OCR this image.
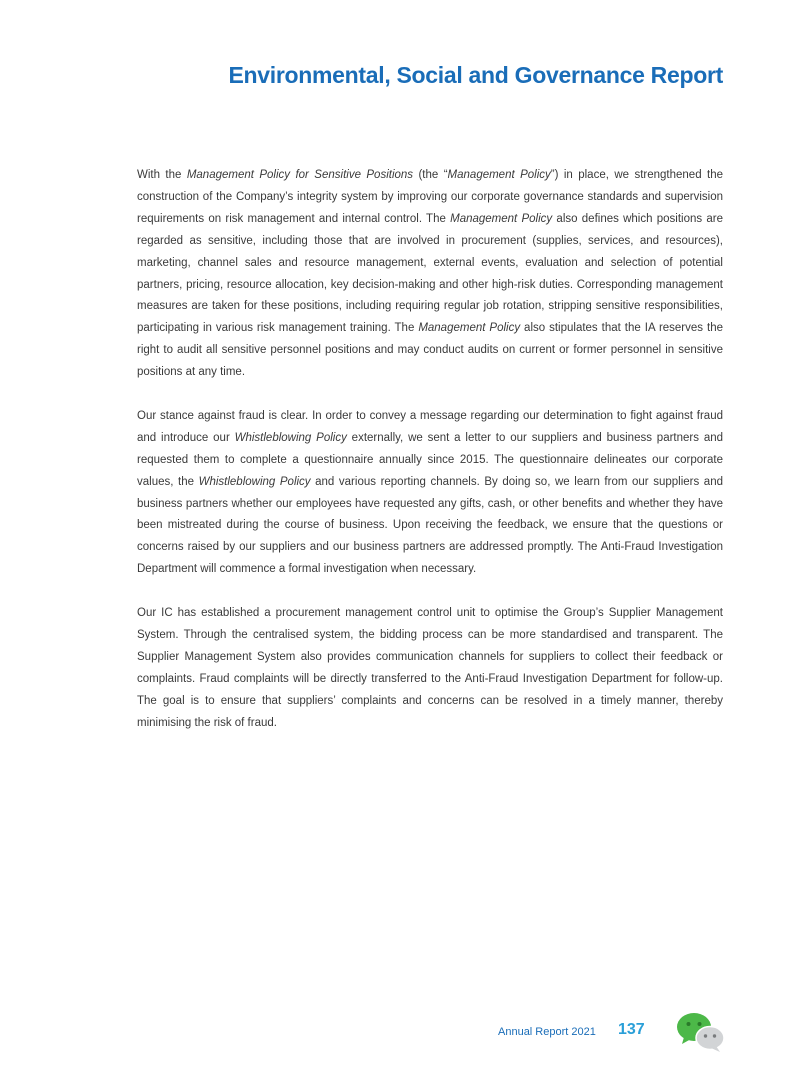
Environmental, Social and Governance Report

With the Management Policy for Sensitive Positions (the “Management Policy”) in place, we strengthened the construction of the Company’s integrity system by improving our corporate governance standards and supervision requirements on risk management and internal control. The Management Policy also defines which positions are regarded as sensitive, including those that are involved in procurement (supplies, services, and resources), marketing, channel sales and resource management, external events, evaluation and selection of potential partners, pricing, resource allocation, key decision-making and other high-risk duties. Corresponding management measures are taken for these positions, including requiring regular job rotation, stripping sensitive responsibilities, participating in various risk management training. The Management Policy also stipulates that the IA reserves the right to audit all sensitive personnel positions and may conduct audits on current or former personnel in sensitive positions at any time.

Our stance against fraud is clear. In order to convey a message regarding our determination to fight against fraud and introduce our Whistleblowing Policy externally, we sent a letter to our suppliers and business partners and requested them to complete a questionnaire annually since 2015. The questionnaire delineates our corporate values, the Whistleblowing Policy and various reporting channels. By doing so, we learn from our suppliers and business partners whether our employees have requested any gifts, cash, or other benefits and whether they have been mistreated during the course of business. Upon receiving the feedback, we ensure that the questions or concerns raised by our suppliers and our business partners are addressed promptly. The Anti-Fraud Investigation Department will commence a formal investigation when necessary.

Our IC has established a procurement management control unit to optimise the Group’s Supplier Management System. Through the centralised system, the bidding process can be more standardised and transparent. The Supplier Management System also provides communication channels for suppliers to collect their feedback or complaints. Fraud complaints will be directly transferred to the Anti-Fraud Investigation Department for follow-up. The goal is to ensure that suppliers’ complaints and concerns can be resolved in a timely manner, thereby minimising the risk of fraud.

Annual Report 2021 137
